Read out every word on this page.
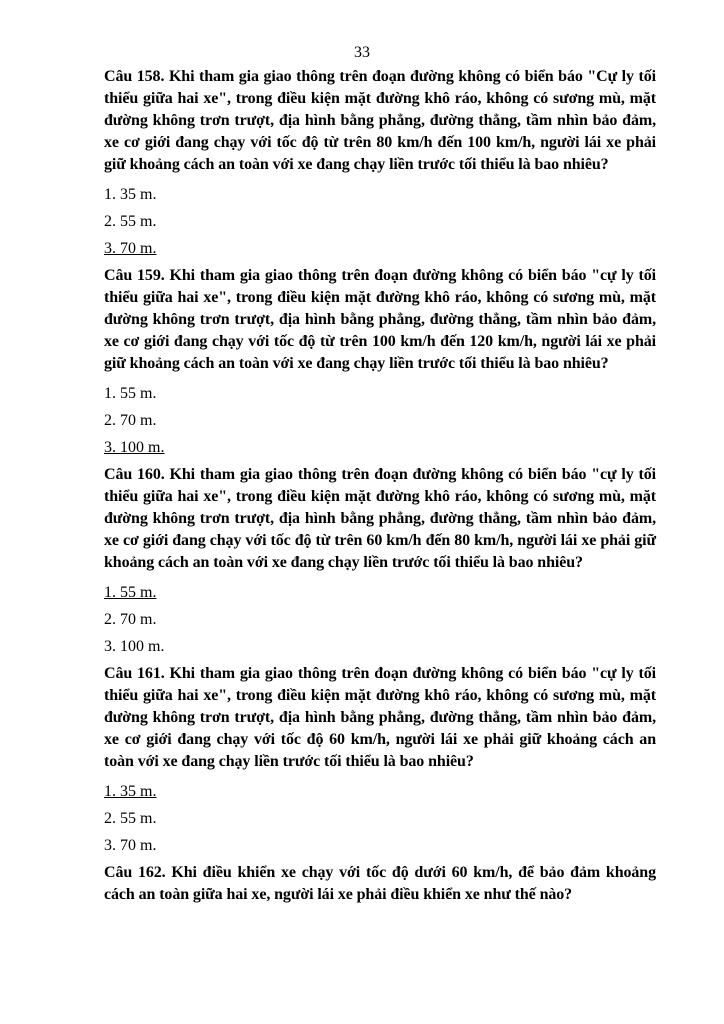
33

Câu 158. Khi tham gia giao thông trên đoạn đường không có biển báo "Cự ly tối thiểu giữa hai xe", trong điều kiện mặt đường khô ráo, không có sương mù, mặt đường không trơn trượt, địa hình bằng phẳng, đường thẳng, tầm nhìn bảo đảm, xe cơ giới đang chạy với tốc độ từ trên 80 km/h đến 100 km/h, người lái xe phải giữ khoảng cách an toàn với xe đang chạy liền trước tối thiểu là bao nhiêu?

1. 35 m.

2. 55 m.

3. 70 m.

Câu 159. Khi tham gia giao thông trên đoạn đường không có biển báo "cự ly tối thiểu giữa hai xe", trong điều kiện mặt đường khô ráo, không có sương mù, mặt đường không trơn trượt, địa hình bằng phẳng, đường thẳng, tầm nhìn bảo đảm, xe cơ giới đang chạy với tốc độ từ trên 100 km/h đến 120 km/h, người lái xe phải giữ khoảng cách an toàn với xe đang chạy liền trước tối thiểu là bao nhiêu?

1. 55 m.

2. 70 m.

3. 100 m.

Câu 160. Khi tham gia giao thông trên đoạn đường không có biển báo "cự ly tối thiểu giữa hai xe", trong điều kiện mặt đường khô ráo, không có sương mù, mặt đường không trơn trượt, địa hình bằng phẳng, đường thẳng, tầm nhìn bảo đảm, xe cơ giới đang chạy với tốc độ từ trên 60 km/h đến 80 km/h, người lái xe phải giữ khoảng cách an toàn với xe đang chạy liền trước tối thiểu là bao nhiêu?

1. 55 m.

2. 70 m.

3. 100 m.

Câu 161. Khi tham gia giao thông trên đoạn đường không có biển báo "cự ly tối thiểu giữa hai xe", trong điều kiện mặt đường khô ráo, không có sương mù, mặt đường không trơn trượt, địa hình bằng phẳng, đường thẳng, tầm nhìn bảo đảm, xe cơ giới đang chạy với tốc độ 60 km/h, người lái xe phải giữ khoảng cách an toàn với xe đang chạy liền trước tối thiểu là bao nhiêu?

1. 35 m.

2. 55 m.

3. 70 m.

Câu 162. Khi điều khiển xe chạy với tốc độ dưới 60 km/h, để bảo đảm khoảng cách an toàn giữa hai xe, người lái xe phải điều khiển xe như thế nào?
